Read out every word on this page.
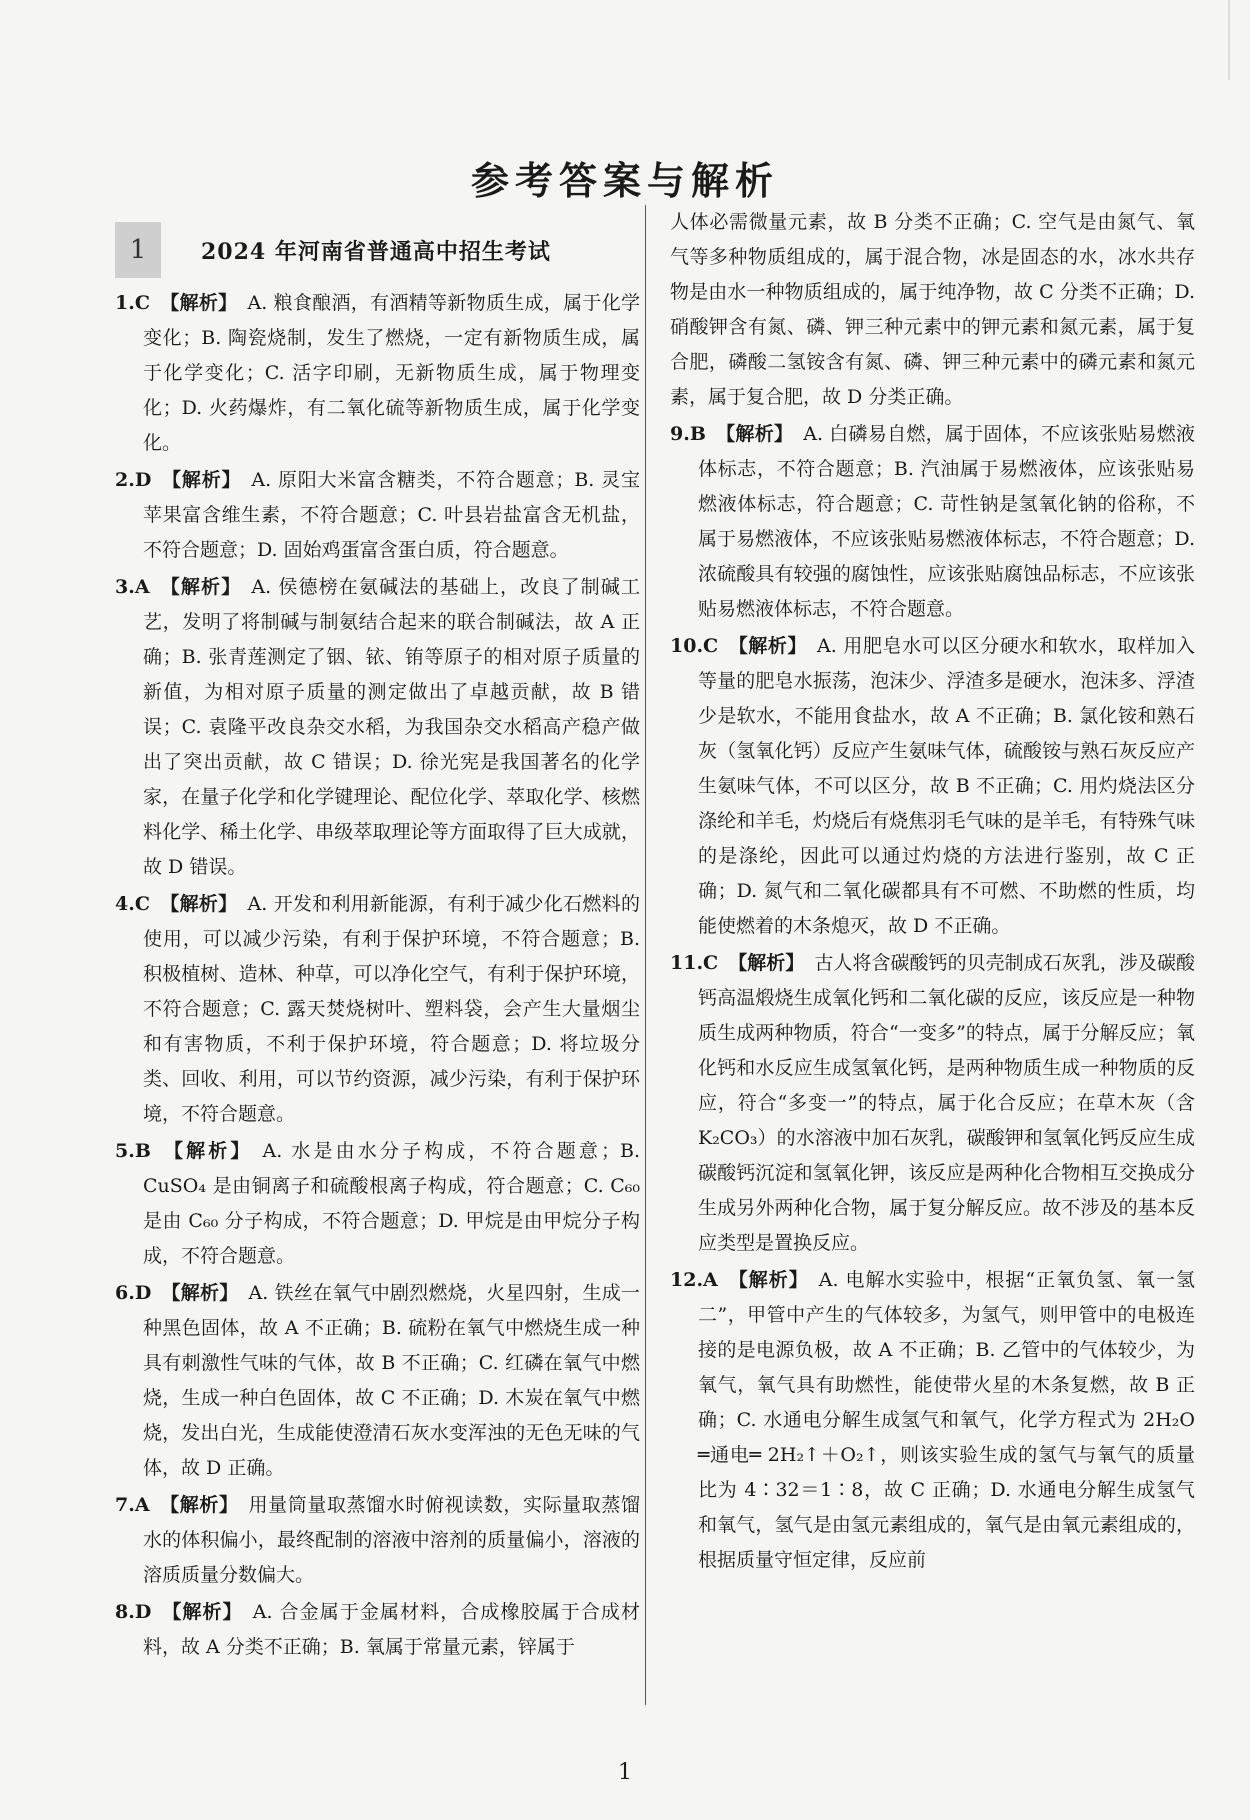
参考答案与解析
1	2024 年河南省普通高中招生考试
1.C 【解析】 A. 粮食酿酒，有酒精等新物质生成，属于化学变化；B. 陶瓷烧制，发生了燃烧，一定有新物质生成，属于化学变化；C. 活字印刷，无新物质生成，属于物理变化；D. 火药爆炸，有二氧化硫等新物质生成，属于化学变化。
2.D 【解析】 A. 原阳大米富含糖类，不符合题意；B. 灵宝苹果富含维生素，不符合题意；C. 叶县岩盐富含无机盐，不符合题意；D. 固始鸡蛋富含蛋白质，符合题意。
3.A 【解析】 A. 侯德榜在氨碱法的基础上，改良了制碱工艺，发明了将制碱与制氨结合起来的联合制碱法，故 A 正确；B. 张青莲测定了铟、铱、铕等原子的相对原子质量的新值，为相对原子质量的测定做出了卓越贡献，故 B 错误；C. 袁隆平改良杂交水稻，为我国杂交水稻高产稳产做出了突出贡献，故 C 错误；D. 徐光宪是我国著名的化学家，在量子化学和化学键理论、配位化学、萃取化学、核燃料化学、稀土化学、串级萃取理论等方面取得了巨大成就，故 D 错误。
4.C 【解析】 A. 开发和利用新能源，有利于减少化石燃料的使用，可以减少污染，有利于保护环境，不符合题意；B. 积极植树、造林、种草，可以净化空气，有利于保护环境，不符合题意；C. 露天焚烧树叶、塑料袋，会产生大量烟尘和有害物质，不利于保护环境，符合题意；D. 将垃圾分类、回收、利用，可以节约资源，减少污染，有利于保护环境，不符合题意。
5.B 【解析】 A. 水是由水分子构成，不符合题意；B. CuSO₄ 是由铜离子和硫酸根离子构成，符合题意；C. C₆₀ 是由 C₆₀ 分子构成，不符合题意；D. 甲烷是由甲烷分子构成，不符合题意。
6.D 【解析】 A. 铁丝在氧气中剧烈燃烧，火星四射，生成一种黑色固体，故 A 不正确；B. 硫粉在氧气中燃烧生成一种具有刺激性气味的气体，故 B 不正确；C. 红磷在氧气中燃烧，生成一种白色固体，故 C 不正确；D. 木炭在氧气中燃烧，发出白光，生成能使澄清石灰水变浑浊的无色无味的气体，故 D 正确。
7.A 【解析】 用量筒量取蒸馏水时俯视读数，实际量取蒸馏水的体积偏小，最终配制的溶液中溶剂的质量偏小，溶液的溶质质量分数偏大。
8.D 【解析】 A. 合金属于金属材料，合成橡胶属于合成材料，故 A 分类不正确；B. 氧属于常量元素，锌属于
人体必需微量元素，故 B 分类不正确；C. 空气是由氮气、氧气等多种物质组成的，属于混合物，冰是固态的水，冰水共存物是由水一种物质组成的，属于纯净物，故 C 分类不正确；D. 硝酸钾含有氮、磷、钾三种元素中的钾元素和氮元素，属于复合肥，磷酸二氢铵含有氮、磷、钾三种元素中的磷元素和氮元素，属于复合肥，故 D 分类正确。
9.B 【解析】 A. 白磷易自燃，属于固体，不应该张贴易燃液体标志，不符合题意；B. 汽油属于易燃液体，应该张贴易燃液体标志，符合题意；C. 苛性钠是氢氧化钠的俗称，不属于易燃液体，不应该张贴易燃液体标志，不符合题意；D. 浓硫酸具有较强的腐蚀性，应该张贴腐蚀品标志，不应该张贴易燃液体标志，不符合题意。
10.C 【解析】 A. 用肥皂水可以区分硬水和软水，取样加入等量的肥皂水振荡，泡沫少、浮渣多是硬水，泡沫多、浮渣少是软水，不能用食盐水，故 A 不正确；B. 氯化铵和熟石灰（氢氧化钙）反应产生氨味气体，硫酸铵与熟石灰反应产生氨味气体，不可以区分，故 B 不正确；C. 用灼烧法区分涤纶和羊毛，灼烧后有烧焦羽毛气味的是羊毛，有特殊气味的是涤纶，因此可以通过灼烧的方法进行鉴别，故 C 正确；D. 氮气和二氧化碳都具有不可燃、不助燃的性质，均能使燃着的木条熄灭，故 D 不正确。
11.C 【解析】 古人将含碳酸钙的贝壳制成石灰乳，涉及碳酸钙高温煅烧生成氧化钙和二氧化碳的反应，该反应是一种物质生成两种物质，符合“一变多”的特点，属于分解反应；氧化钙和水反应生成氢氧化钙，是两种物质生成一种物质的反应，符合“多变一”的特点，属于化合反应；在草木灰（含 K₂CO₃）的水溶液中加石灰乳，碳酸钾和氢氧化钙反应生成碳酸钙沉淀和氢氧化钾，该反应是两种化合物相互交换成分生成另外两种化合物，属于复分解反应。故不涉及的基本反应类型是置换反应。
12.A 【解析】 A. 电解水实验中，根据“正氧负氢、氧一氢二”，甲管中产生的气体较多，为氢气，则甲管中的电极连接的是电源负极，故 A 不正确；B. 乙管中的气体较少，为氧气，氧气具有助燃性，能使带火星的木条复燃，故 B 正确；C. 水通电分解生成氢气和氧气，化学方程式为 2H₂O ═通电═ 2H₂↑＋O₂↑，则该实验生成的氢气与氧气的质量比为 4∶32＝1∶8，故 C 正确；D. 水通电分解生成氢气和氧气，氢气是由氢元素组成的，氧气是由氧元素组成的，根据质量守恒定律，反应前
1
